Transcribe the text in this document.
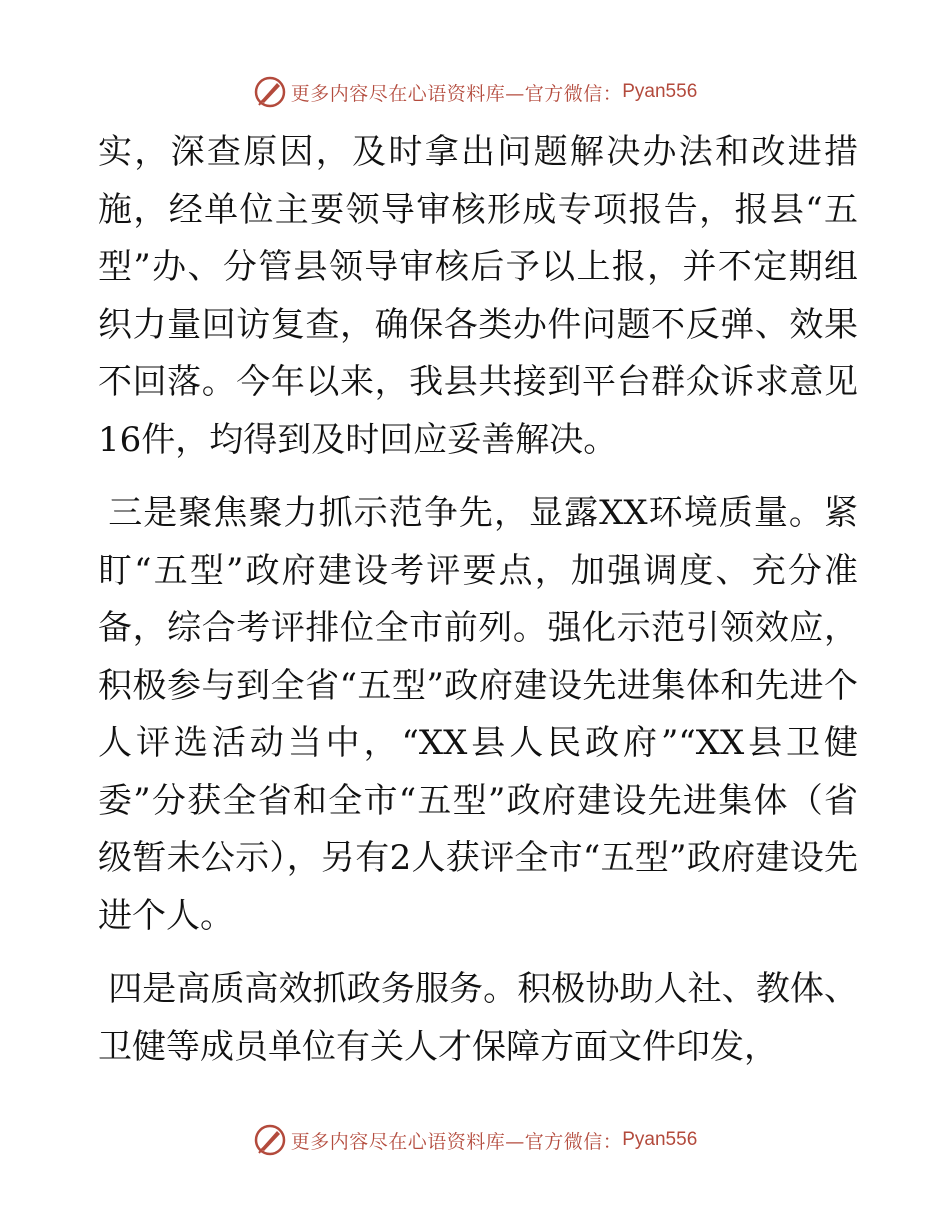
更多内容尽在心语资料库—官方微信： Pyan556

实，深查原因，及时拿出问题解决办法和改进措施，经单位主要领导审核形成专项报告，报县“五型”办、分管县领导审核后予以上报，并不定期组织力量回访复查，确保各类办件问题不反弹、效果不回落。今年以来，我县共接到平台群众诉求意见16件，均得到及时回应妥善解决。

三是聚焦聚力抓示范争先，显露XX环境质量。紧盯“五型”政府建设考评要点，加强调度、充分准备，综合考评排位全市前列。强化示范引领效应，积极参与到全省“五型”政府建设先进集体和先进个人评选活动当中，“XX县人民政府”“XX县卫健委”分获全省和全市“五型”政府建设先进集体（省级暂未公示），另有2人获评全市“五型”政府建设先进个人。

四是高质高效抓政务服务。积极协助人社、教体、卫健等成员单位有关人才保障方面文件印发，

更多内容尽在心语资料库—官方微信： Pyan556
